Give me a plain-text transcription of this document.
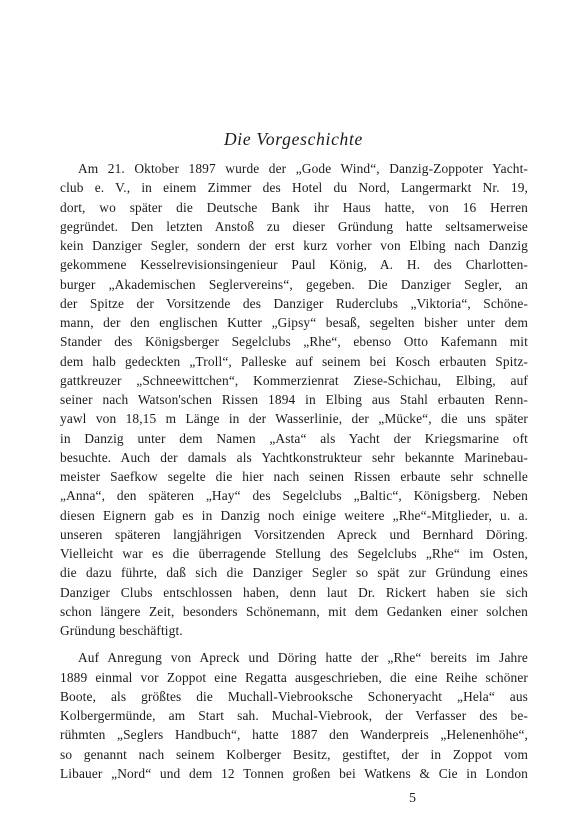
Die Vorgeschichte
Am 21. Oktober 1897 wurde der „Gode Wind“, Danzig-Zoppoter Yacht-
club e. V., in einem Zimmer des Hotel du Nord, Langermarkt Nr. 19,
dort, wo später die Deutsche Bank ihr Haus hatte, von 16 Herren
gegründet. Den letzten Anstoß zu dieser Gründung hatte seltsamerweise
kein Danziger Segler, sondern der erst kurz vorher von Elbing nach Danzig
gekommene Kesselrevisionsingenieur Paul König, A. H. des Charlotten-
burger „Akademischen Seglervereins“, gegeben. Die Danziger Segler, an
der Spitze der Vorsitzende des Danziger Ruderclubs „Viktoria“, Schöne-
mann, der den englischen Kutter „Gipsy“ besaß, segelten bisher unter dem
Stander des Königsberger Segelclubs „Rhe“, ebenso Otto Kafemann mit
dem halb gedeckten „Troll“, Palleske auf seinem bei Kosch erbauten Spitz-
gattkreuzer „Schneewittchen“, Kommerzienrat Ziese-Schichau, Elbing, auf
seiner nach Watson'schen Rissen 1894 in Elbing aus Stahl erbauten Renn-
yawl von 18,15 m Länge in der Wasserlinie, der „Mücke“, die uns später
in Danzig unter dem Namen „Asta“ als Yacht der Kriegsmarine oft
besuchte. Auch der damals als Yachtkonstrukteur sehr bekannte Marinebau-
meister Saefkow segelte die hier nach seinen Rissen erbaute sehr schnelle
„Anna“, den späteren „Hay“ des Segelclubs „Baltic“, Königsberg. Neben
diesen Eignern gab es in Danzig noch einige weitere „Rhe“-Mitglieder, u. a.
unseren späteren langjährigen Vorsitzenden Apreck und Bernhard Döring.
Vielleicht war es die überragende Stellung des Segelclubs „Rhe“ im Osten,
die dazu führte, daß sich die Danziger Segler so spät zur Gründung eines
Danziger Clubs entschlossen haben, denn laut Dr. Rickert haben sie sich
schon längere Zeit, besonders Schönemann, mit dem Gedanken einer solchen
Gründung beschäftigt.
Auf Anregung von Apreck und Döring hatte der „Rhe“ bereits im Jahre
1889 einmal vor Zoppot eine Regatta ausgeschrieben, die eine Reihe schöner
Boote, als größtes die Muchall-Viebrooksche Schoneryacht „Hela“ aus
Kolbergermünde, am Start sah. Muchal-Viebrook, der Verfasser des be-
rühmten „Seglers Handbuch“, hatte 1887 den Wanderpreis „Helenenhöhe“,
so genannt nach seinem Kolberger Besitz, gestiftet, der in Zoppot vom
Libauer „Nord“ und dem 12 Tonnen großen bei Watkens & Cie in London
5
